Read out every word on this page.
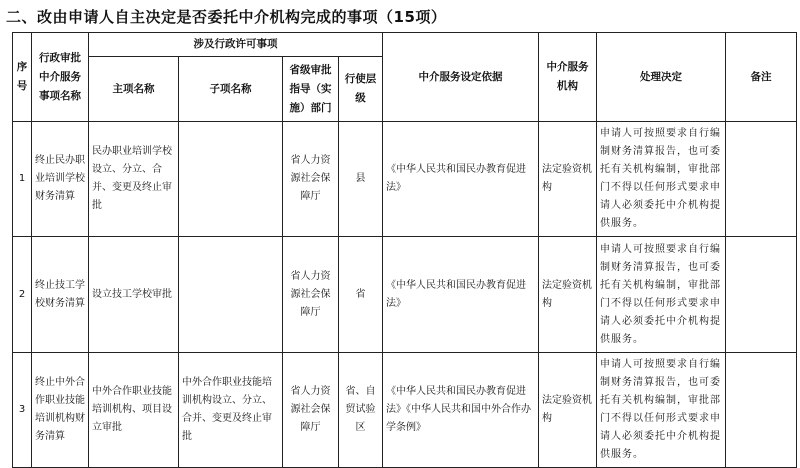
二、改由申请人自主决定是否委托中介机构完成的事项（15项）
序号	行政审批中介服务事项名称	涉及行政许可事项				中介服务设定依据	中介服务机构	处理决定	备注
		主项名称	子项名称	省级审批指导（实施）部门	行使层级				
1	终止民办职业培训学校财务清算	民办职业培训学校设立、分立、合并、变更及终止审批		省人力资源社会保障厅	县	《中华人民共和国民办教育促进法》	法定验资机构	申请人可按照要求自行编制财务清算报告，也可委托有关机构编制，审批部门不得以任何形式要求申请人必须委托中介机构提供服务。	
2	终止技工学校财务清算	设立技工学校审批		省人力资源社会保障厅	省	《中华人民共和国民办教育促进法》	法定验资机构	申请人可按照要求自行编制财务清算报告，也可委托有关机构编制，审批部门不得以任何形式要求申请人必须委托中介机构提供服务。	
3	终止中外合作职业技能培训机构财务清算	中外合作职业技能培训机构、项目设立审批	中外合作职业技能培训机构设立、分立、合并、变更及终止审批	省人力资源社会保障厅	省、自贸试验区	《中华人民共和国民办教育促进法》《中华人民共和国中外合作办学条例》	法定验资机构	申请人可按照要求自行编制财务清算报告，也可委托有关机构编制，审批部门不得以任何形式要求申请人必须委托中介机构提供服务。	
